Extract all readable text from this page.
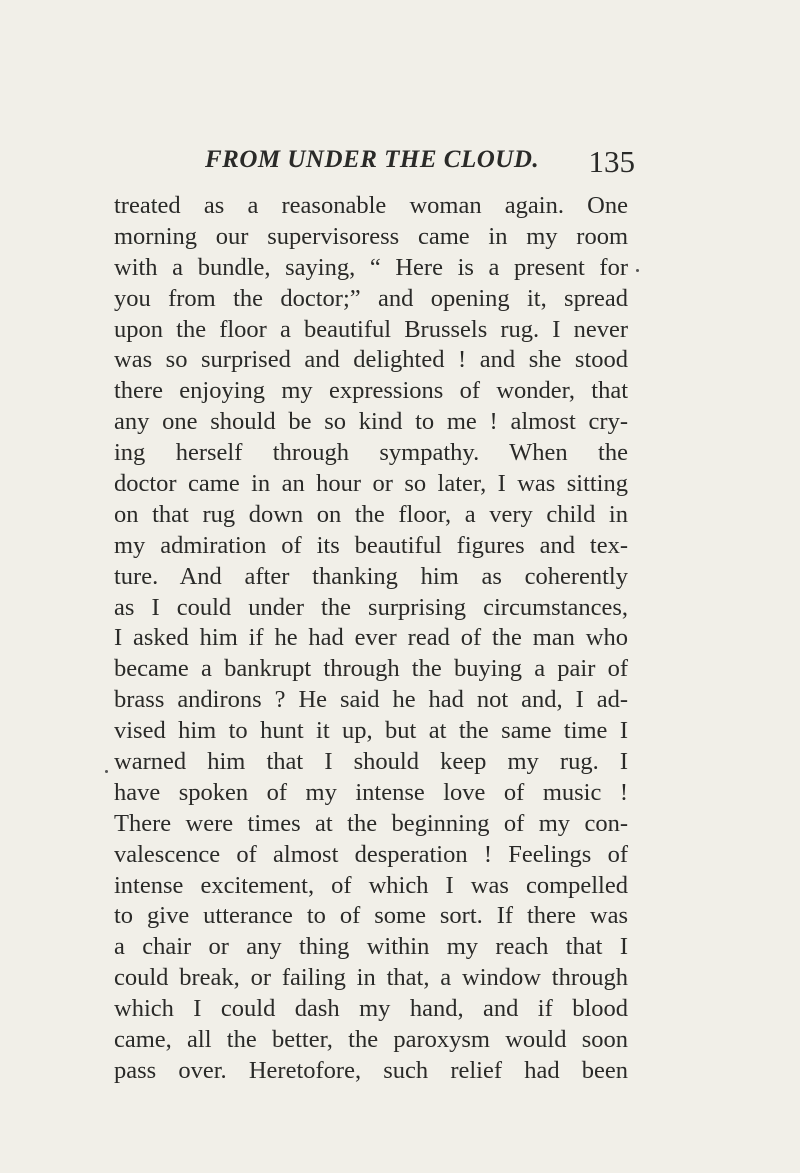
FROM UNDER THE CLOUD. 135
treated as a reasonable woman again. One
morning our supervisoress came in my room
with a bundle, saying, “ Here is a present for
you from the doctor;” and opening it, spread
upon the floor a beautiful Brussels rug. I never
was so surprised and delighted ! and she stood
there enjoying my expressions of wonder, that
any one should be so kind to me ! almost cry-
ing herself through sympathy. When the
doctor came in an hour or so later, I was sitting
on that rug down on the floor, a very child in
my admiration of its beautiful figures and tex-
ture. And after thanking him as coherently
as I could under the surprising circumstances,
I asked him if he had ever read of the man who
became a bankrupt through the buying a pair of
brass andirons ? He said he had not and, I ad-
vised him to hunt it up, but at the same time I
warned him that I should keep my rug. I
have spoken of my intense love of music !
There were times at the beginning of my con-
valescence of almost desperation ! Feelings of
intense excitement, of which I was compelled
to give utterance to of some sort. If there was
a chair or any thing within my reach that I
could break, or failing in that, a window through
which I could dash my hand, and if blood
came, all the better, the paroxysm would soon
pass over. Heretofore, such relief had been
